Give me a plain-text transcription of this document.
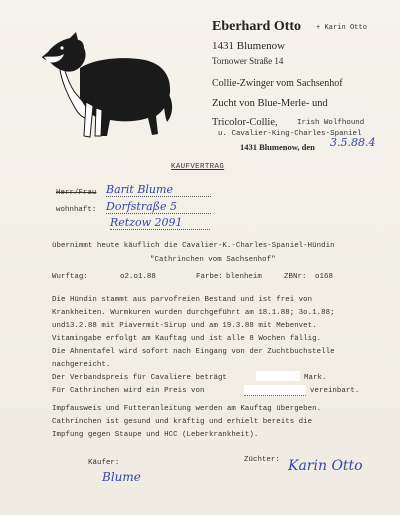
Eberhard Otto + Karin Otto
1431 Blumenow
Tornower Straße 14
Collie-Zwinger vom Sachsenhof
Zucht von Blue-Merle- und
Tricolor-Collie,	Irish Wolfhound
u. Cavalier-King-Charles-Spaniel
1431 Blumenow, den 3.5.88.4
KAUFVERTRAG
Herr/Frau Barit Blume
wohnhaft: Dorfstraße 5
Retzow 2091
übernimmt heute käuflich die Cavalier-K.-Charles-Spaniel-Hündin
"Cathrinchen vom Sachsenhof"
Wurftag:	o2.o1.88	Farbe: blenheim	ZBNr: o168
Die Hündin stammt aus parvofreien Bestand und ist frei von
Krankheiten. Wurmkuren wurden durchgeführt am 18.1.88; 3o.1.88;
und13.2.88 mit Piavermit-Sirup und am 19.3.88 mit Mebenvet.
Vitamingabe erfolgt am Kauftag und ist alle 8 Wochen fällig.
Die Ahnentafel wird sofort nach Eingang von der Zuchtbuchstelle
nachgereicht.
Der Verbandspreis für Cavaliere beträgt	Mark.
Für Cathrinchen wird ein Preis von	vereinbart.
Impfausweis und Futteranleitung werden am Kauftag übergeben.
Cathrinchen ist gesund und kräftig und erhielt bereits die
Impfung gegen Staupe und HCC (Leberkrankheit).
Käufer:
Blume
Züchter: Karin Otto
